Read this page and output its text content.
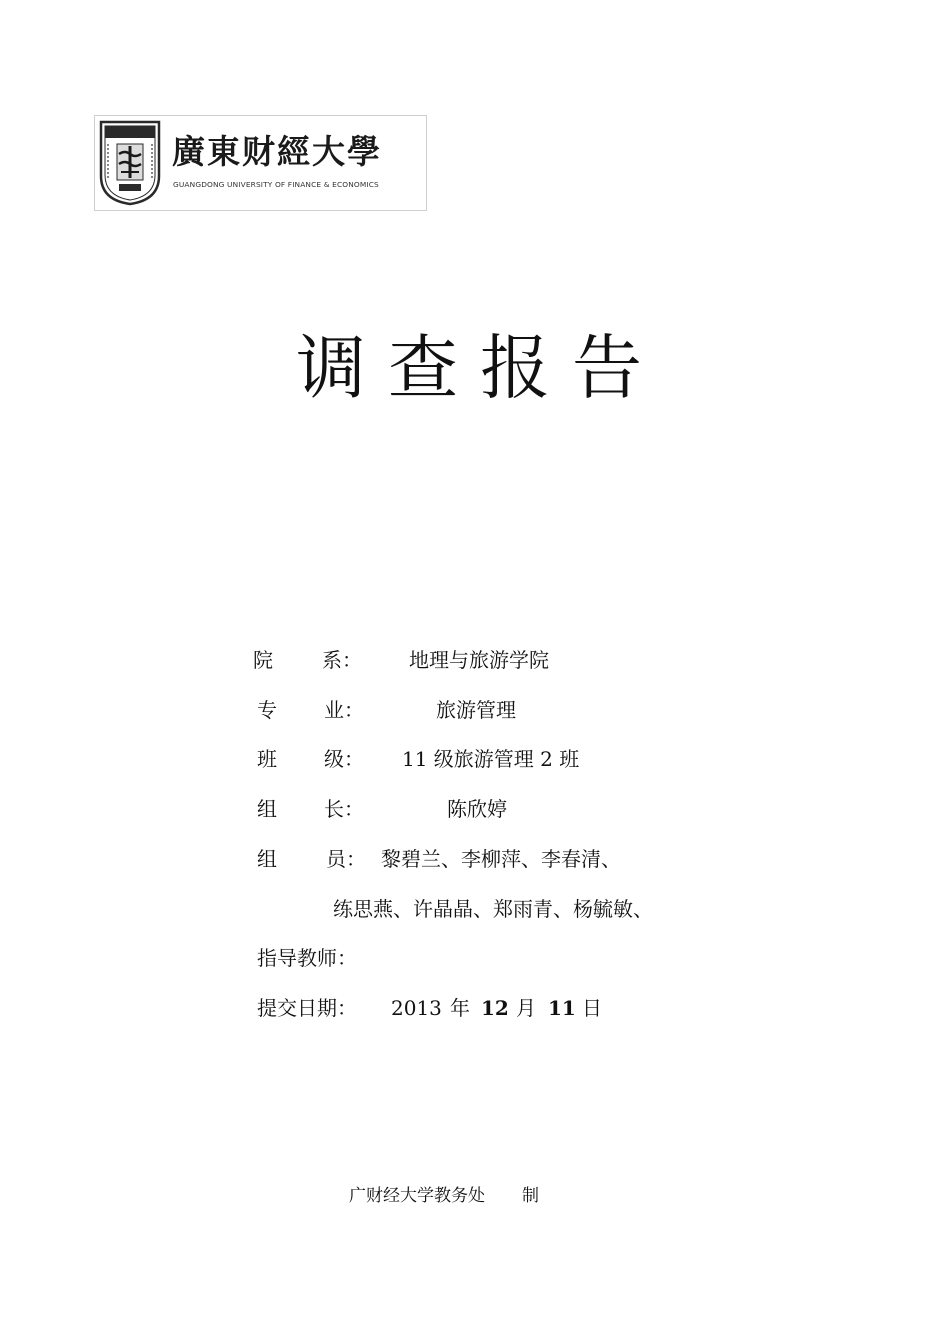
廣東财經大學
GUANGDONG UNIVERSITY OF FINANCE & ECONOMICS
调查报告
院 系： 地理与旅游学院
专 业：	旅游管理
班 级： 11 级旅游管理 2 班
组 长：	陈欣婷
组 员： 黎碧兰、李柳萍、李春清、
练思燕、许晶晶、郑雨青、杨毓敏、
指导教师：
提交日期： 2013 年 12 月 11 日
广财经大学教务处 制
